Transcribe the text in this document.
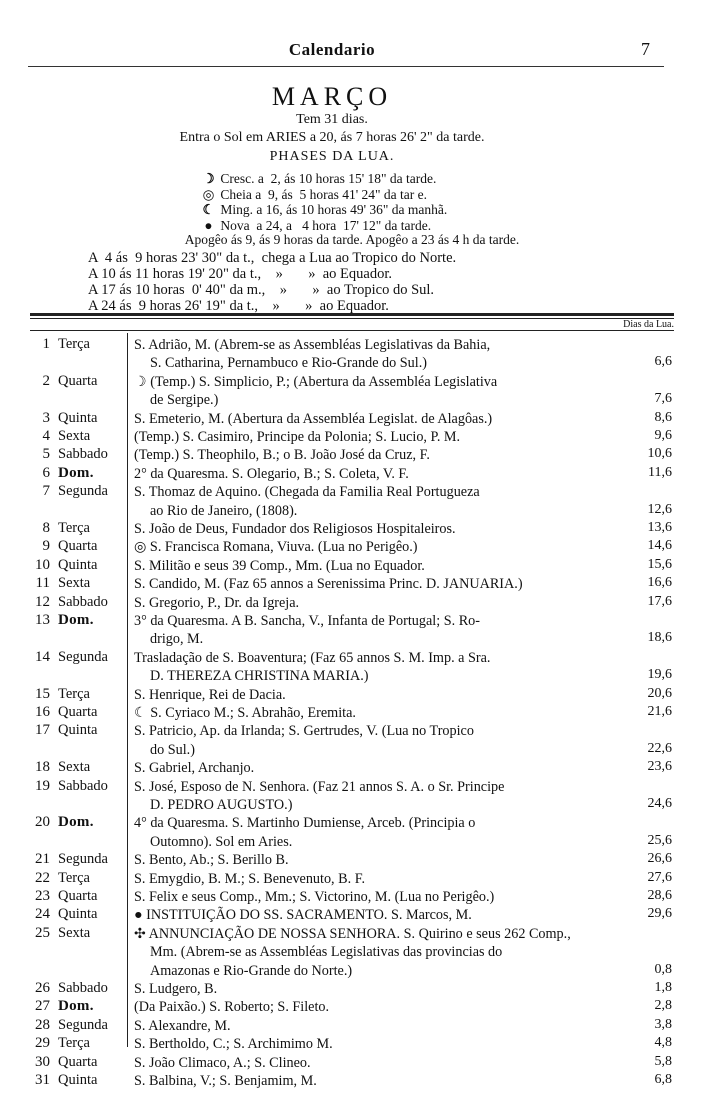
Calendario	7
MARÇO
Tem 31 dias.
Entra o Sol em ARIES a 20, ás 7 horas 26' 2" da tarde.
PHASES DA LUA.
☽ Cresc. a  2, ás 10 horas 15' 18" da tarde.
◎ Cheia a  9, ás  5 horas 41' 24" da tar e.
☾ Ming. a 16, ás 10 horas 49' 36" da manhã.
● Nova  a 24, a   4 hora  17' 12" da tarde.
Apogêo ás 9, ás 9 horas da tarde. Apogêo a 23 ás 4 h da tarde.
A  4 ás  9 horas 23' 30" da t.,  chega a Lua ao Tropico do Norte.
A 10 ás 11 horas 19' 20" da t.,    »       »  ao Equador.
A 17 ás 10 horas  0' 40" da m.,    »       »  ao Tropico do Sul.
A 24 ás  9 horas 26' 19" da t.,    »       »  ao Equador.
Dias da Lua.
1 Terça	S. Adrião, M. (Abrem-se as Assembléas Legislativas da Bahia,

S. Catharina, Pernambuco e Rio-Grande do Sul.)	6,6
2 Quarta	☽ (Temp.) S. Simplicio, P.; (Abertura da Assembléa Legislativa

de Sergipe.)	7,6
3 Quinta	S. Emeterio, M. (Abertura da Assembléa Legislat. de Alagôas.)	8,6
4 Sexta	(Temp.) S. Casimiro, Principe da Polonia; S. Lucio, P. M.	9,6
5 Sabbado (Temp.) S. Theophilo, B.; o B. João José da Cruz, F.	10,6
6 Dom.	2° da Quaresma. S. Olegario, B.; S. Coleta, V. F.	11,6
7 Segunda S. Thomaz de Aquino. (Chegada da Familia Real Portugueza

ao Rio de Janeiro, (1808).	12,6
8 Terça	S. João de Deus, Fundador dos Religiosos Hospitaleiros.	13,6
9 Quarta	◎ S. Francisca Romana, Viuva. (Lua no Perigêo.)	14,6
10 Quinta	S. Militão e seus 39 Comp., Mm. (Lua no Equador.	15,6
11 Sexta	S. Candido, M. (Faz 65 annos a Serenissima Princ. D. JANUARIA.)	16,6
12 Sabbado S. Gregorio, P., Dr. da Igreja.	17,6
13 Dom.	3° da Quaresma. A B. Sancha, V., Infanta de Portugal; S. Ro-

drigo, M.	18,6
14 Segunda Trasladação de S. Boaventura; (Faz 65 annos S. M. Imp. a Sra.

D. THEREZA CHRISTINA MARIA.)	19,6
15 Terça	S. Henrique, Rei de Dacia.	20,6
16 Quarta	☾ S. Cyriaco M.; S. Abrahão, Eremita.	21,6
17 Quinta	S. Patricio, Ap. da Irlanda; S. Gertrudes, V. (Lua no Tropico

do Sul.)	22,6
18 Sexta	S. Gabriel, Archanjo.	23,6
19 Sabbado S. José, Esposo de N. Senhora. (Faz 21 annos S. A. o Sr. Principe

D. PEDRO AUGUSTO.)	24,6
20 Dom.	4° da Quaresma. S. Martinho Dumiense, Arceb. (Principia o

Outomno). Sol em Aries.	25,6
21 Segunda S. Bento, Ab.; S. Berillo B.	26,6
22 Terça	S. Emygdio, B. M.; S. Benevenuto, B. F.	27,6
23 Quarta	S. Felix e seus Comp., Mm.; S. Victorino, M. (Lua no Perigêo.)	28,6
24 Quinta	● INSTITUIÇÃO DO SS. SACRAMENTO. S. Marcos, M.	29,6
25 Sexta	✣ ANNUNCIAÇÃO DE NOSSA SENHORA. S. Quirino e seus 262 Comp.,

Mm. (Abrem-se as Assembléas Legislativas das provincias do

Amazonas e Rio-Grande do Norte.)	0,8
26 Sabbado S. Ludgero, B.	1,8
27 Dom.	(Da Paixão.) S. Roberto; S. Fileto.	2,8
28 Segunda S. Alexandre, M.	3,8
29 Terça	S. Bertholdo, C.; S. Archimimo M.	4,8
30 Quarta	S. João Climaco, A.; S. Clineo.	5,8
31 Quinta	S. Balbina, V.; S. Benjamim, M.	6,8
